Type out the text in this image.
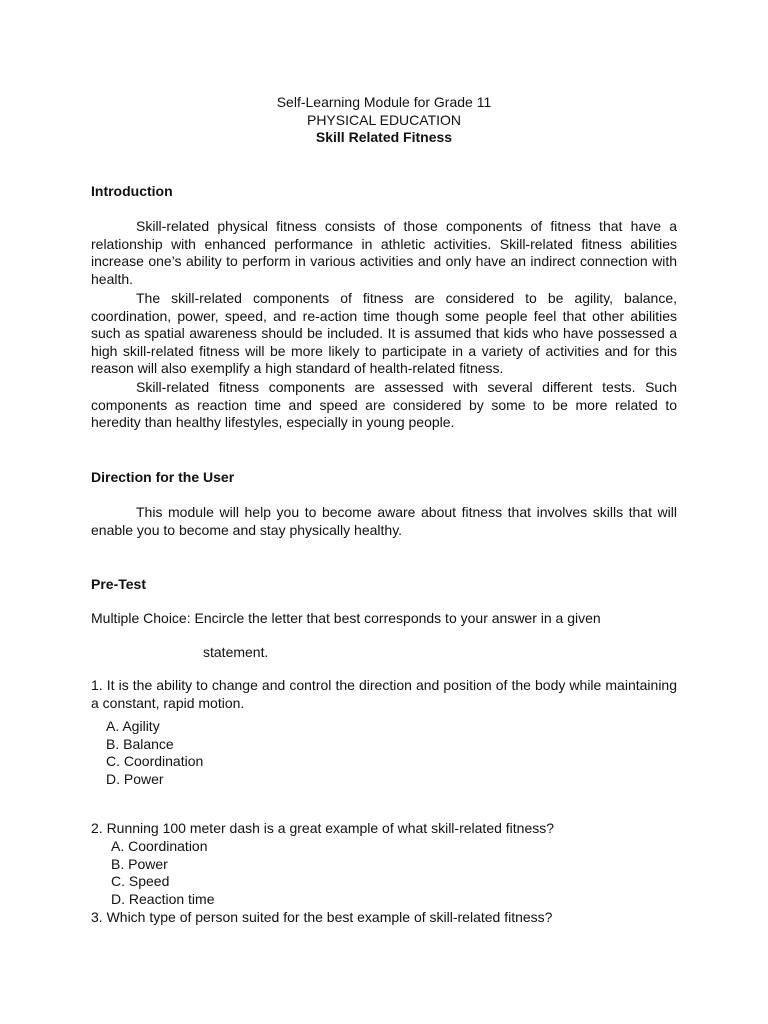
Self-Learning Module for Grade 11
PHYSICAL EDUCATION
Skill Related Fitness
Introduction
Skill-related physical fitness consists of those components of fitness that have a relationship with enhanced performance in athletic activities. Skill-related fitness abilities increase one’s ability to perform in various activities and only have an indirect connection with health.
The skill-related components of fitness are considered to be agility, balance, coordination, power, speed, and re-action time though some people feel that other abilities such as spatial awareness should be included. It is assumed that kids who have possessed a high skill-related fitness will be more likely to participate in a variety of activities and for this reason will also exemplify a high standard of health-related fitness.
Skill-related fitness components are assessed with several different tests. Such components as reaction time and speed are considered by some to be more related to heredity than healthy lifestyles, especially in young people.
Direction for the User
This module will help you to become aware about fitness that involves skills that will enable you to become and stay physically healthy.
Pre-Test
Multiple Choice: Encircle the letter that best corresponds to your answer in a given
statement.
1. It is the ability to change and control the direction and position of the body while maintaining a constant, rapid motion.
A. Agility
B. Balance
C. Coordination
D. Power
2. Running 100 meter dash is a great example of what skill-related fitness?
A. Coordination
B. Power
C. Speed
D. Reaction time
3. Which type of person suited for the best example of skill-related fitness?
